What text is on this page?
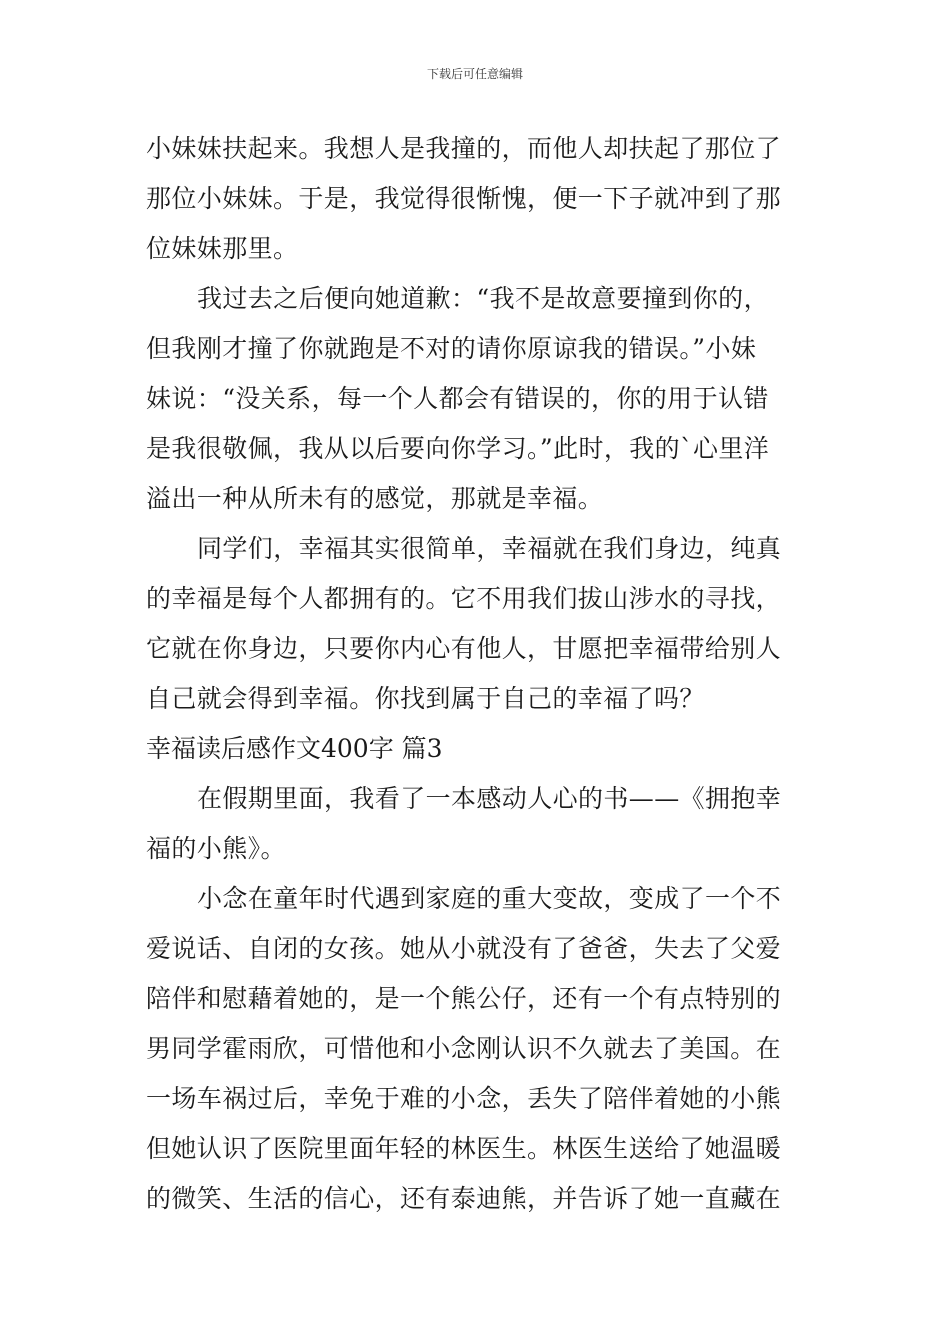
下载后可任意编辑
小妹妹扶起来。我想人是我撞的，而他人却扶起了那位了
那位小妹妹。于是，我觉得很惭愧，便一下子就冲到了那
位妹妹那里。
我过去之后便向她道歉：“我不是故意要撞到你的，
但我刚才撞了你就跑是不对的请你原谅我的错误。”小妹
妹说：“没关系，每一个人都会有错误的，你的用于认错
是我很敬佩，我从以后要向你学习。”此时，我的`心里洋
溢出一种从所未有的感觉，那就是幸福。
同学们，幸福其实很简单，幸福就在我们身边，纯真
的幸福是每个人都拥有的。它不用我们拔山涉水的寻找，
它就在你身边，只要你内心有他人，甘愿把幸福带给别人
自己就会得到幸福。你找到属于自己的幸福了吗？
幸福读后感作文400字 篇3
在假期里面，我看了一本感动人心的书——《拥抱幸
福的小熊》。
小念在童年时代遇到家庭的重大变故，变成了一个不
爱说话、自闭的女孩。她从小就没有了爸爸，失去了父爱
陪伴和慰藉着她的，是一个熊公仔，还有一个有点特别的
男同学霍雨欣，可惜他和小念刚认识不久就去了美国。在
一场车祸过后，幸免于难的小念，丢失了陪伴着她的小熊
但她认识了医院里面年轻的林医生。林医生送给了她温暖
的微笑、生活的信心，还有泰迪熊，并告诉了她一直藏在
